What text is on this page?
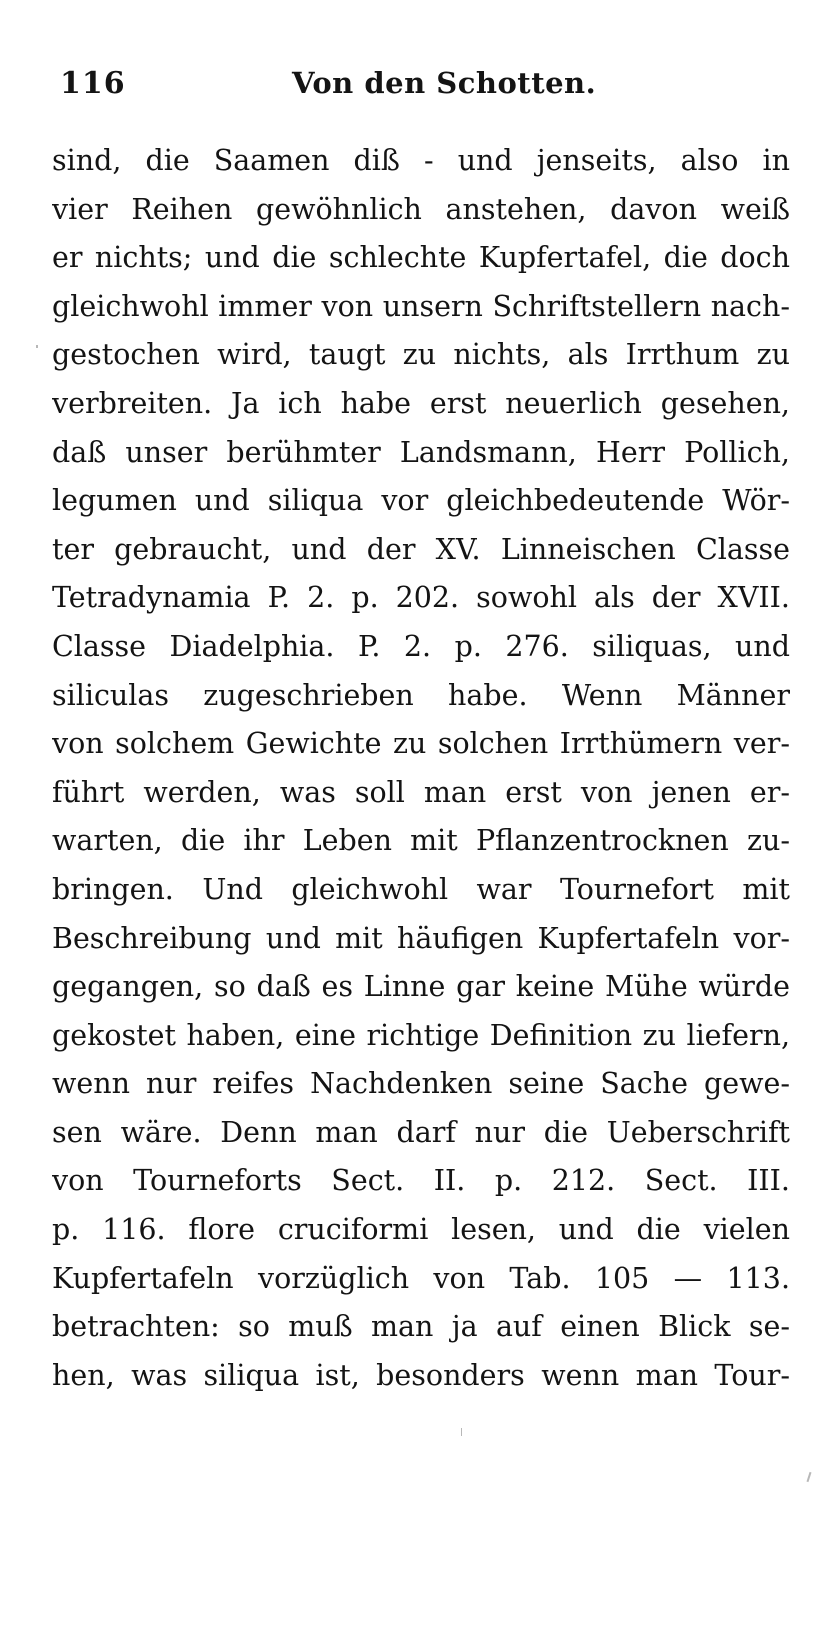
116	Von den Schotten.
sind, die Saamen diß - und jenseits, also in
vier Reihen gewöhnlich anstehen, davon weiß
er nichts; und die schlechte Kupfertafel, die doch
gleichwohl immer von unsern Schriftstellern nach-
gestochen wird, taugt zu nichts, als Irrthum zu
verbreiten. Ja ich habe erst neuerlich gesehen,
daß unser berühmter Landsmann, Herr Pollich,
legumen und siliqua vor gleichbedeutende Wör-
ter gebraucht, und der XV. Linneischen Classe
Tetradynamia P. 2. p. 202. sowohl als der XVII.
Classe Diadelphia. P. 2. p. 276. siliquas, und
siliculas zugeschrieben habe. Wenn Männer
von solchem Gewichte zu solchen Irrthümern ver-
führt werden, was soll man erst von jenen er-
warten, die ihr Leben mit Pflanzentrocknen zu-
bringen. Und gleichwohl war Tournefort mit
Beschreibung und mit häufigen Kupfertafeln vor-
gegangen, so daß es Linne gar keine Mühe würde
gekostet haben, eine richtige Definition zu liefern,
wenn nur reifes Nachdenken seine Sache gewe-
sen wäre. Denn man darf nur die Ueberschrift
von Tourneforts Sect. II. p. 212. Sect. III.
p. 116. flore cruciformi lesen, und die vielen
Kupfertafeln vorzüglich von Tab. 105 — 113.
betrachten: so muß man ja auf einen Blick se-
hen, was siliqua ist, besonders wenn man Tour-
